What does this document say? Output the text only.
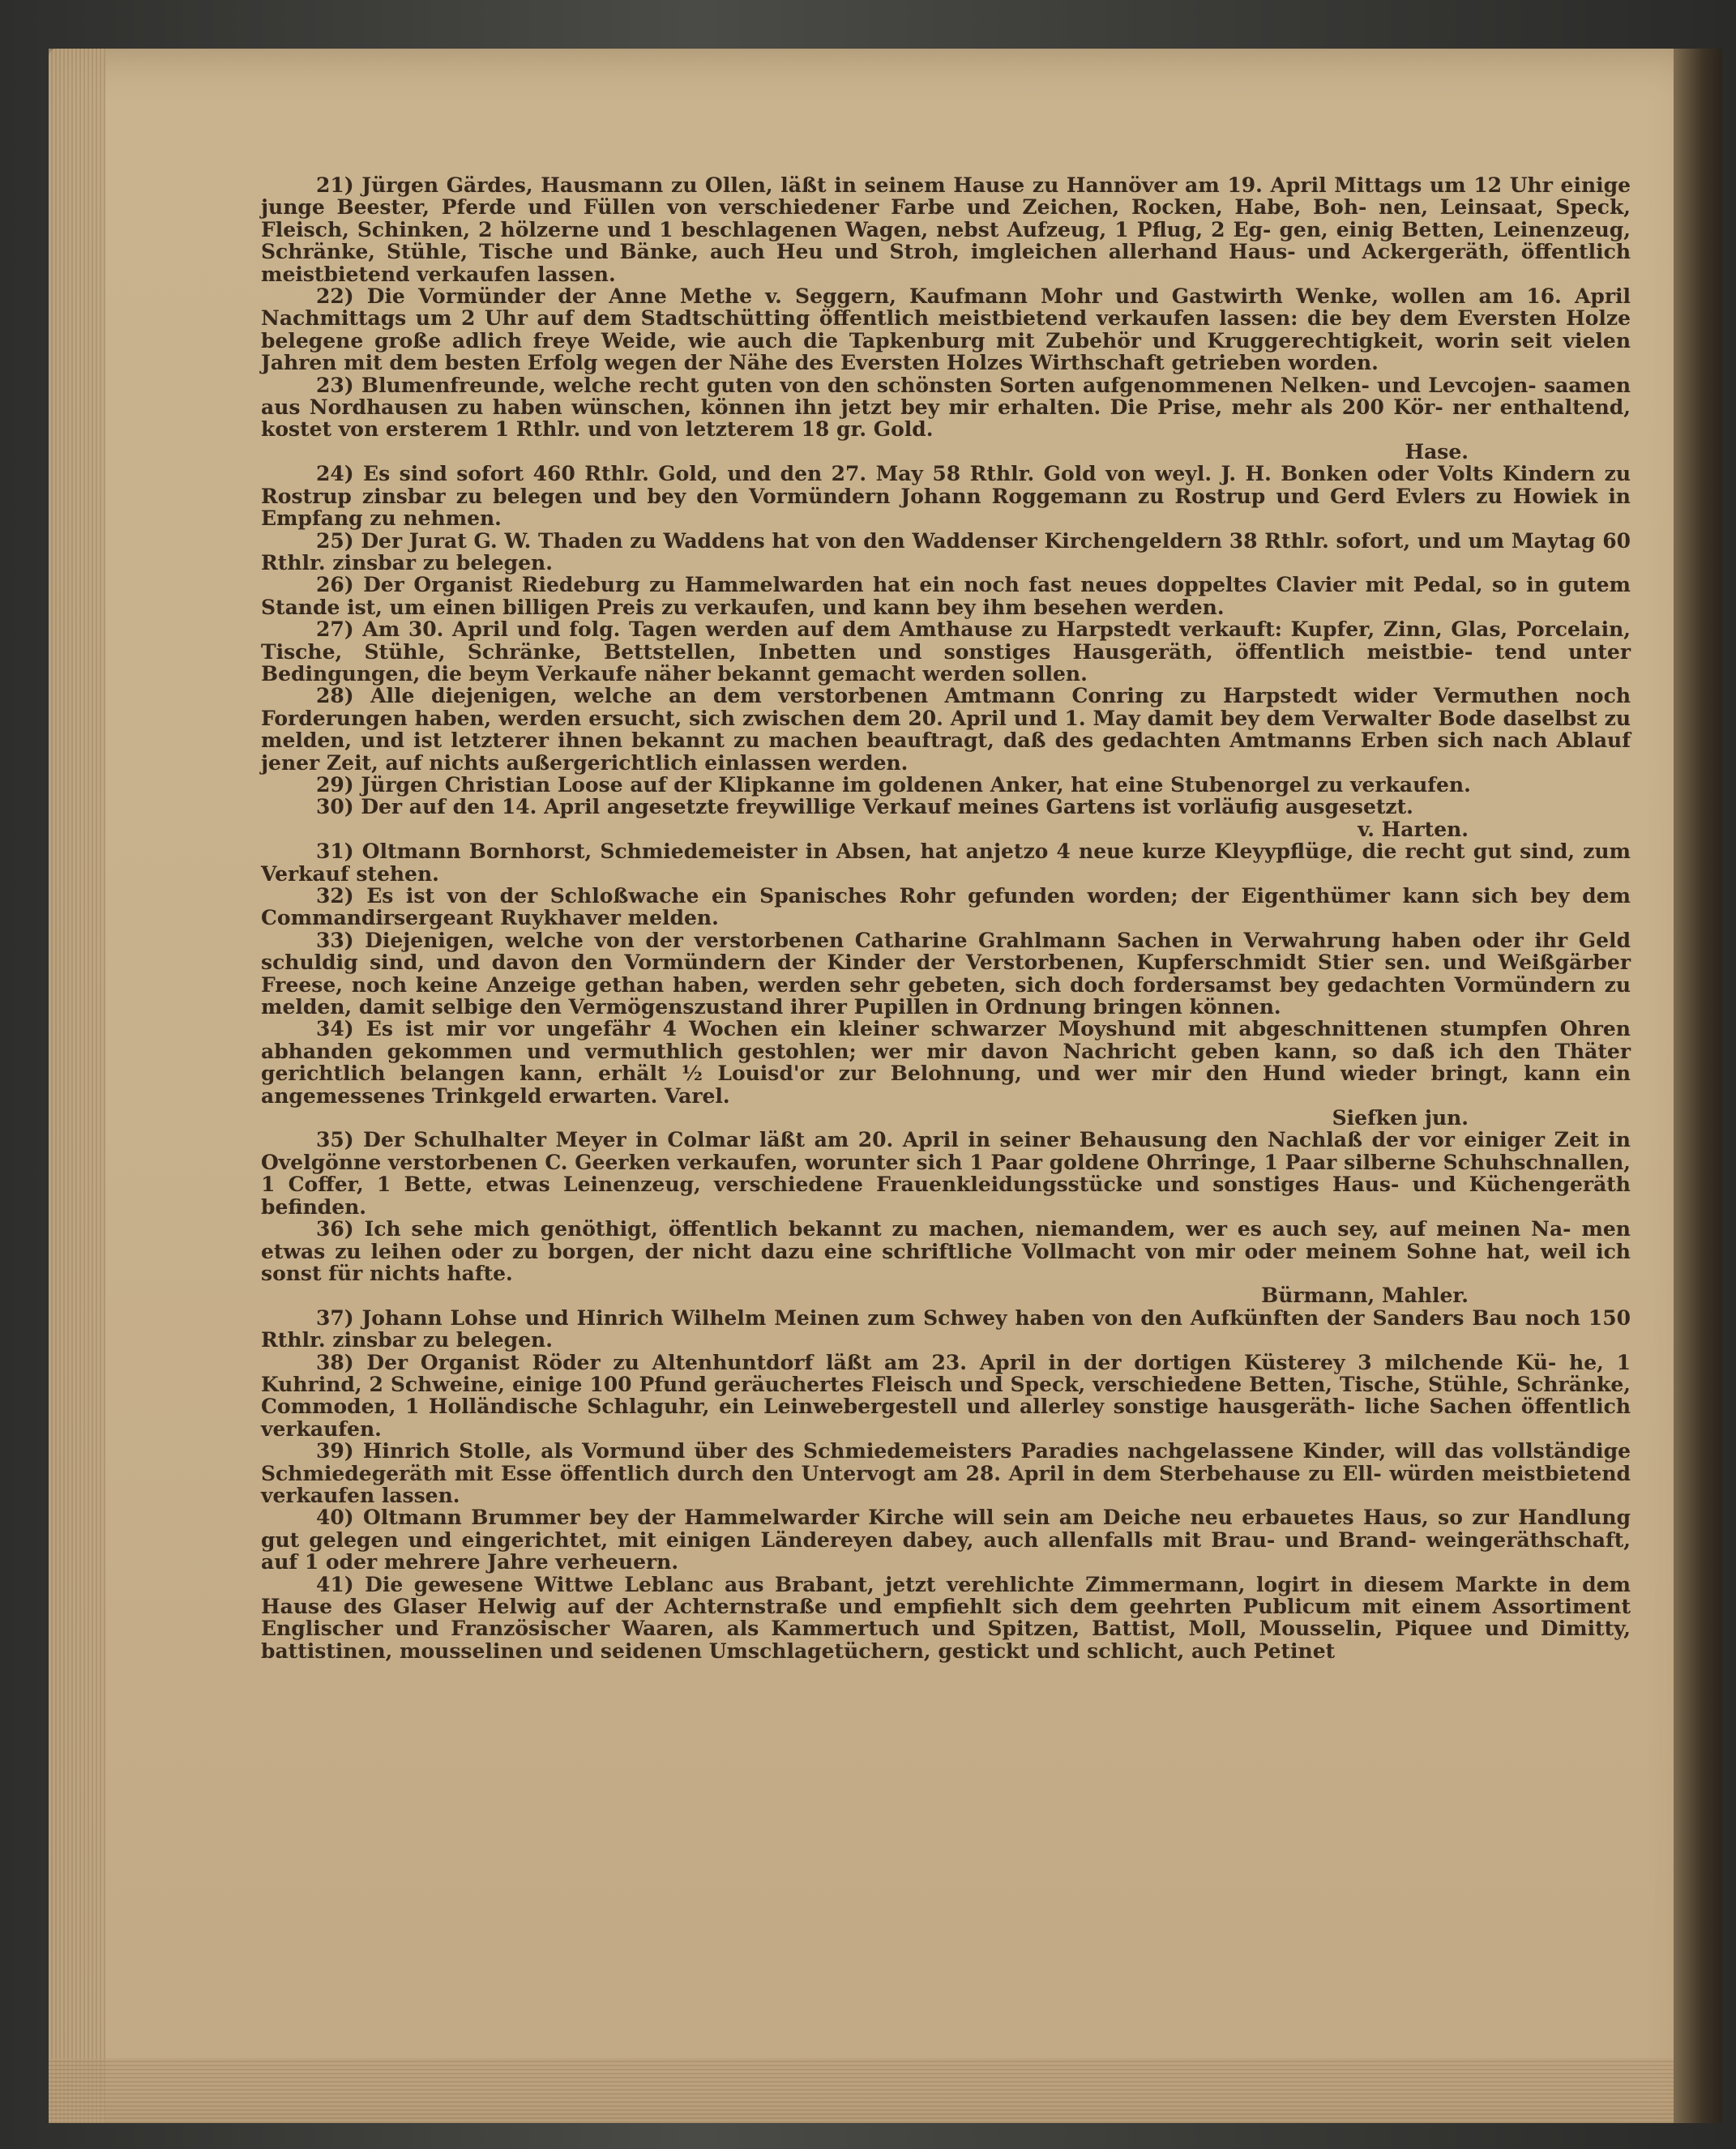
21) Jürgen Gärdes, Hausmann zu Ollen, läßt in seinem Hause zu Hannöver am 19. April Mittags um 12 Uhr einige junge Beester, Pferde und Füllen von verschiedener Farbe und Zeichen, Rocken, Habe, Boh- nen, Leinsaat, Speck, Fleisch, Schinken, 2 hölzerne und 1 beschlagenen Wagen, nebst Aufzeug, 1 Pflug, 2 Eg- gen, einig Betten, Leinenzeug, Schränke, Stühle, Tische und Bänke, auch Heu und Stroh, imgleichen allerhand Haus- und Ackergeräth, öffentlich meistbietend verkaufen lassen.

22) Die Vormünder der Anne Methe v. Seggern, Kaufmann Mohr und Gastwirth Wenke, wollen am 16. April Nachmittags um 2 Uhr auf dem Stadtschütting öffentlich meistbietend verkaufen lassen: die bey dem Eversten Holze belegene große adlich freye Weide, wie auch die Tapkenburg mit Zubehör und Kruggerechtigkeit, worin seit vielen Jahren mit dem besten Erfolg wegen der Nähe des Eversten Holzes Wirthschaft getrieben worden.

23) Blumenfreunde, welche recht guten von den schönsten Sorten aufgenommenen Nelken- und Levcojen- saamen aus Nordhausen zu haben wünschen, können ihn jetzt bey mir erhalten. Die Prise, mehr als 200 Kör- ner enthaltend, kostet von ersterem 1 Rthlr. und von letzterem 18 gr. Gold.

Hase.

24) Es sind sofort 460 Rthlr. Gold, und den 27. May 58 Rthlr. Gold von weyl. J. H. Bonken oder Volts Kindern zu Rostrup zinsbar zu belegen und bey den Vormündern Johann Roggemann zu Rostrup und Gerd Evlers zu Howiek in Empfang zu nehmen.

25) Der Jurat G. W. Thaden zu Waddens hat von den Waddenser Kirchengeldern 38 Rthlr. sofort, und um Maytag 60 Rthlr. zinsbar zu belegen.

26) Der Organist Riedeburg zu Hammelwarden hat ein noch fast neues doppeltes Clavier mit Pedal, so in gutem Stande ist, um einen billigen Preis zu verkaufen, und kann bey ihm besehen werden.

27) Am 30. April und folg. Tagen werden auf dem Amthause zu Harpstedt verkauft: Kupfer, Zinn, Glas, Porcelain, Tische, Stühle, Schränke, Bettstellen, Inbetten und sonstiges Hausgeräth, öffentlich meistbie- tend unter Bedingungen, die beym Verkaufe näher bekannt gemacht werden sollen.

28) Alle diejenigen, welche an dem verstorbenen Amtmann Conring zu Harpstedt wider Vermuthen noch Forderungen haben, werden ersucht, sich zwischen dem 20. April und 1. May damit bey dem Verwalter Bode daselbst zu melden, und ist letzterer ihnen bekannt zu machen beauftragt, daß des gedachten Amtmanns Erben sich nach Ablauf jener Zeit, auf nichts außergerichtlich einlassen werden.

29) Jürgen Christian Loose auf der Klipkanne im goldenen Anker, hat eine Stubenorgel zu verkaufen.

30) Der auf den 14. April angesetzte freywillige Verkauf meines Gartens ist vorläufig ausgesetzt.

v. Harten.

31) Oltmann Bornhorst, Schmiedemeister in Absen, hat anjetzo 4 neue kurze Kleyypflüge, die recht gut sind, zum Verkauf stehen.

32) Es ist von der Schloßwache ein Spanisches Rohr gefunden worden; der Eigenthümer kann sich bey dem Commandirsergeant Ruykhaver melden.

33) Diejenigen, welche von der verstorbenen Catharine Grahlmann Sachen in Verwahrung haben oder ihr Geld schuldig sind, und davon den Vormündern der Kinder der Verstorbenen, Kupferschmidt Stier sen. und Weißgärber Freese, noch keine Anzeige gethan haben, werden sehr gebeten, sich doch fordersamst bey gedachten Vormündern zu melden, damit selbige den Vermögenszustand ihrer Pupillen in Ordnung bringen können.

34) Es ist mir vor ungefähr 4 Wochen ein kleiner schwarzer Moyshund mit abgeschnittenen stumpfen Ohren abhanden gekommen und vermuthlich gestohlen; wer mir davon Nachricht geben kann, so daß ich den Thäter gerichtlich belangen kann, erhält ½ Louisd'or zur Belohnung, und wer mir den Hund wieder bringt, kann ein angemessenes Trinkgeld erwarten. Varel.

Siefken jun.

35) Der Schulhalter Meyer in Colmar läßt am 20. April in seiner Behausung den Nachlaß der vor einiger Zeit in Ovelgönne verstorbenen C. Geerken verkaufen, worunter sich 1 Paar goldene Ohrringe, 1 Paar silberne Schuhschnallen, 1 Coffer, 1 Bette, etwas Leinenzeug, verschiedene Frauenkleidungsstücke und sonstiges Haus- und Küchengeräth befinden.

36) Ich sehe mich genöthigt, öffentlich bekannt zu machen, niemandem, wer es auch sey, auf meinen Na- men etwas zu leihen oder zu borgen, der nicht dazu eine schriftliche Vollmacht von mir oder meinem Sohne hat, weil ich sonst für nichts hafte.

Bürmann, Mahler.

37) Johann Lohse und Hinrich Wilhelm Meinen zum Schwey haben von den Aufkünften der Sanders Bau noch 150 Rthlr. zinsbar zu belegen.

38) Der Organist Röder zu Altenhuntdorf läßt am 23. April in der dortigen Küsterey 3 milchende Kü- he, 1 Kuhrind, 2 Schweine, einige 100 Pfund geräuchertes Fleisch und Speck, verschiedene Betten, Tische, Stühle, Schränke, Commoden, 1 Holländische Schlaguhr, ein Leinwebergestell und allerley sonstige hausgeräth- liche Sachen öffentlich verkaufen.

39) Hinrich Stolle, als Vormund über des Schmiedemeisters Paradies nachgelassene Kinder, will das vollständige Schmiedegeräth mit Esse öffentlich durch den Untervogt am 28. April in dem Sterbehause zu Ell- würden meistbietend verkaufen lassen.

40) Oltmann Brummer bey der Hammelwarder Kirche will sein am Deiche neu erbauetes Haus, so zur Handlung gut gelegen und eingerichtet, mit einigen Ländereyen dabey, auch allenfalls mit Brau- und Brand- weingeräthschaft, auf 1 oder mehrere Jahre verheuern.

41) Die gewesene Wittwe Leblanc aus Brabant, jetzt verehlichte Zimmermann, logirt in diesem Markte in dem Hause des Glaser Helwig auf der Achternstraße und empfiehlt sich dem geehrten Publicum mit einem Assortiment Englischer und Französischer Waaren, als Kammertuch und Spitzen, Battist, Moll, Mousselin, Piquee und Dimitty, battistinen, mousselinen und seidenen Umschlagetüchern, gestickt und schlicht, auch Petinet
